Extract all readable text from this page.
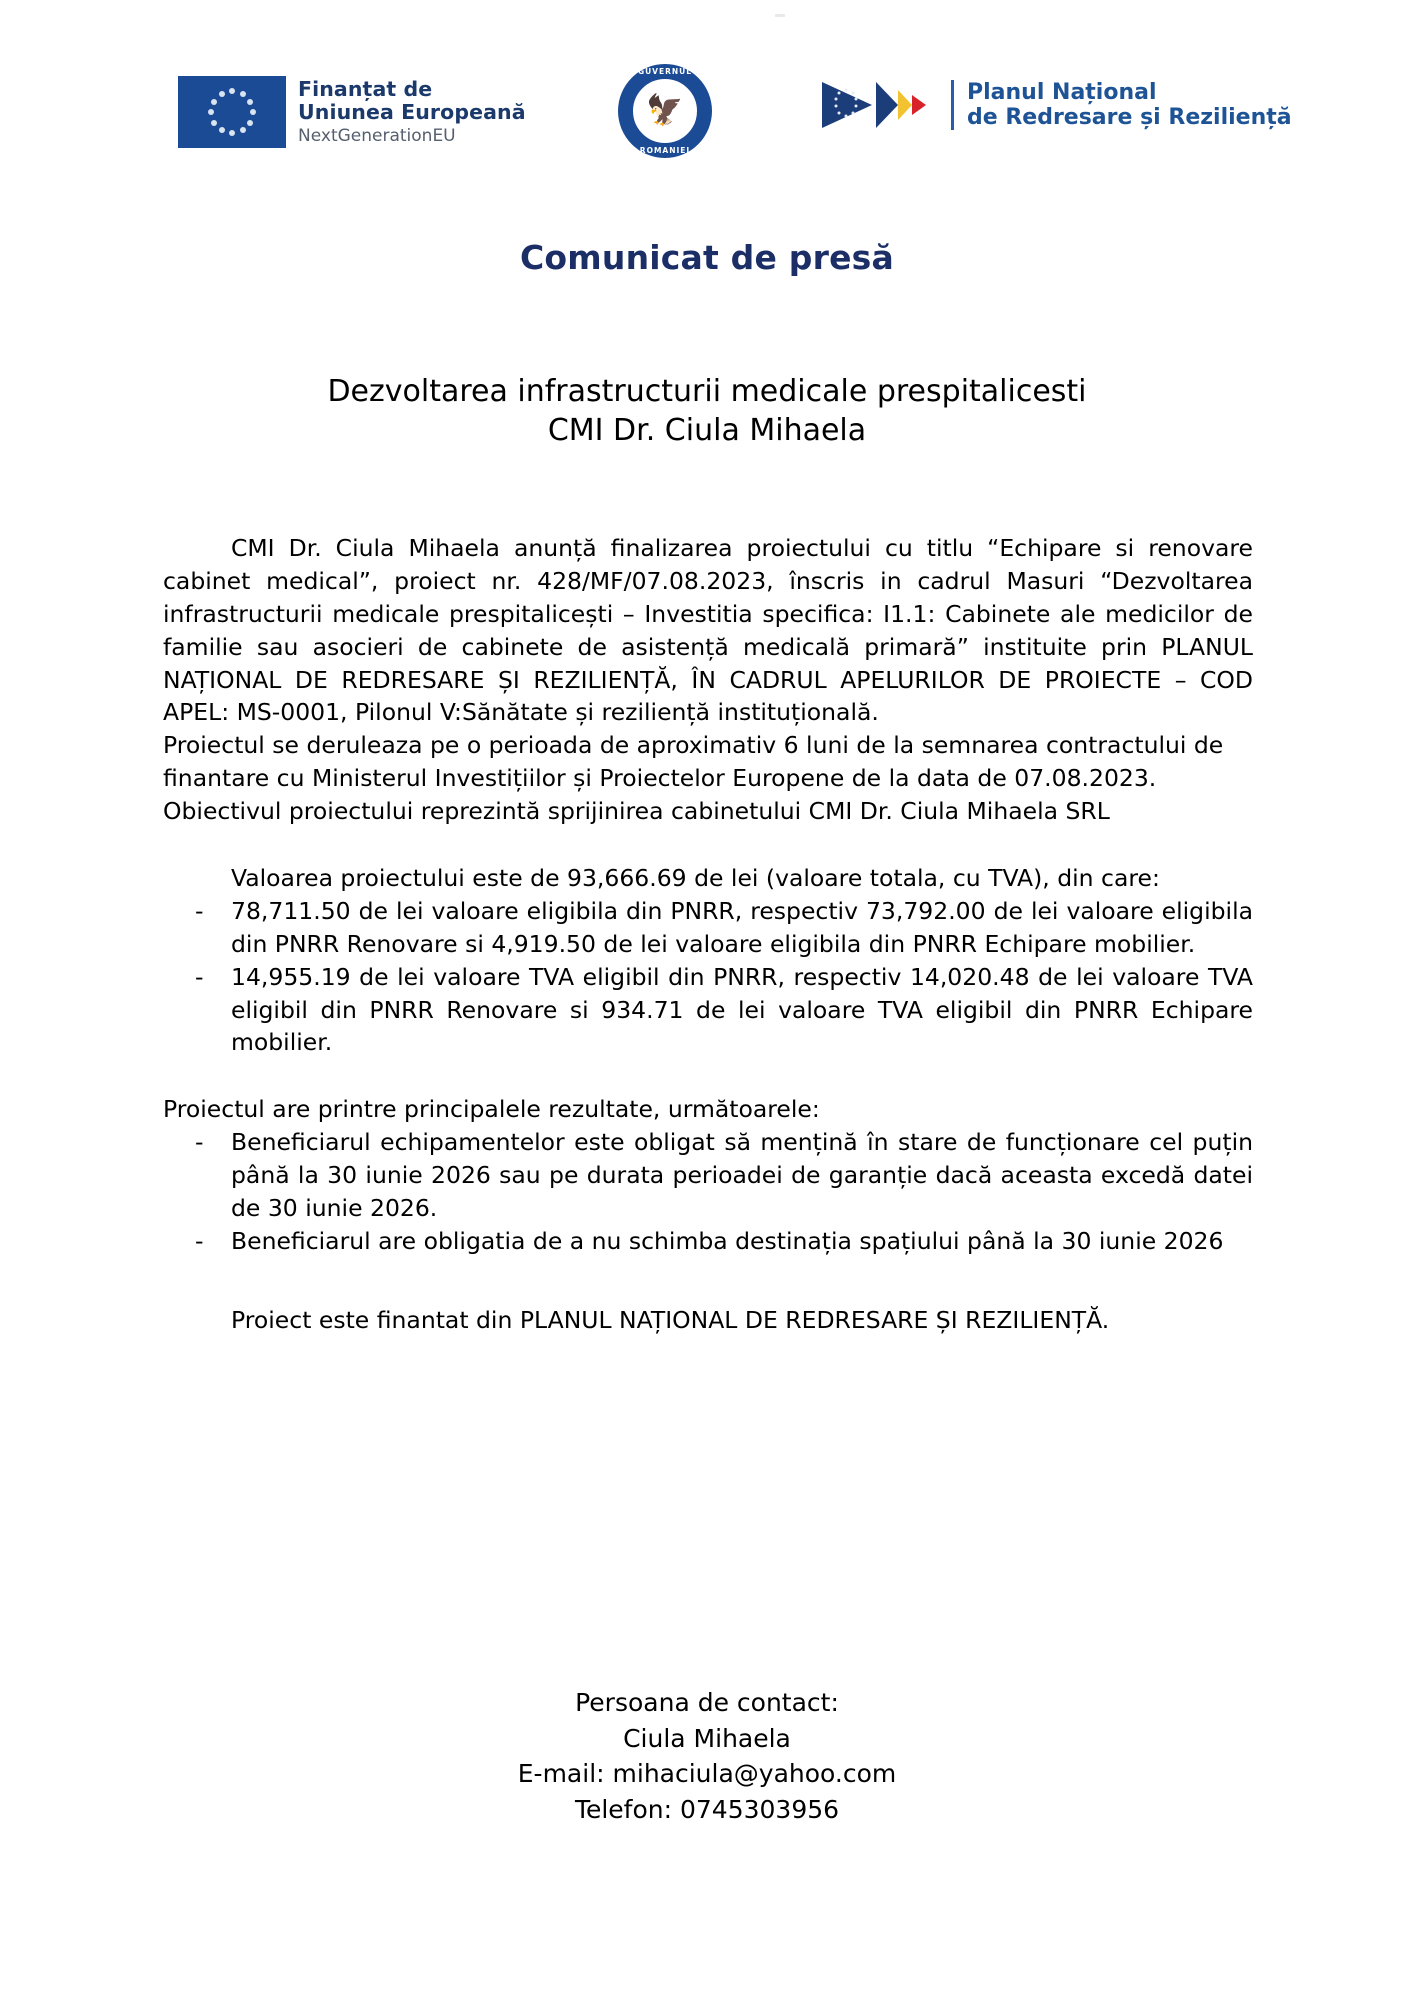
Finanțat de
Uniunea Europeană
NextGenerationEU
GUVERNUL
ROMANIEI
🦅
Planul Național
de Redresare și Reziliență
Comunicat de presă
Dezvoltarea infrastructurii medicale prespitalicesti
CMI Dr. Ciula Mihaela

CMI Dr. Ciula Mihaela anunță finalizarea proiectului cu titlu “Echipare si renovare cabinet medical”, proiect nr. 428/MF/07.08.2023, înscris in cadrul Masuri “Dezvoltarea infrastructurii medicale prespitalicești – Investitia specifica: I1.1: Cabinete ale medicilor de familie sau asocieri de cabinete de asistență medicală primară” instituite prin PLANUL NAȚIONAL DE REDRESARE ȘI REZILIENȚĂ, ÎN CADRUL APELURILOR DE PROIECTE – COD APEL: MS-0001, Pilonul V:Sănătate și reziliență instituțională.

Proiectul se deruleaza pe o perioada de aproximativ 6 luni de la semnarea contractului de finantare cu Ministerul Investițiilor și Proiectelor Europene de la data de 07.08.2023.

Obiectivul proiectului reprezintă sprijinirea cabinetului CMI Dr. Ciula Mihaela SRL

Valoarea proiectului este de 93,666.69 de lei (valoare totala, cu TVA), din care:

- 78,711.50 de lei valoare eligibila din PNRR, respectiv 73,792.00 de lei valoare eligibila din PNRR Renovare si 4,919.50 de lei valoare eligibila din PNRR Echipare mobilier.
- 14,955.19 de lei valoare TVA eligibil din PNRR, respectiv 14,020.48 de lei valoare TVA eligibil din PNRR Renovare si 934.71 de lei valoare TVA eligibil din PNRR Echipare mobilier.

Proiectul are printre principalele rezultate, următoarele:

- Beneficiarul echipamentelor este obligat să mențină în stare de funcționare cel puțin până la 30 iunie 2026 sau pe durata perioadei de garanție dacă aceasta excedă datei de 30 iunie 2026.
- Beneficiarul are obligatia de a nu schimba destinația spațiului până la 30 iunie 2026

Proiect este finantat din PLANUL NAȚIONAL DE REDRESARE ȘI REZILIENȚĂ.

Persoana de contact:
Ciula Mihaela
E-mail: mihaciula@yahoo.com
Telefon: 0745303956
